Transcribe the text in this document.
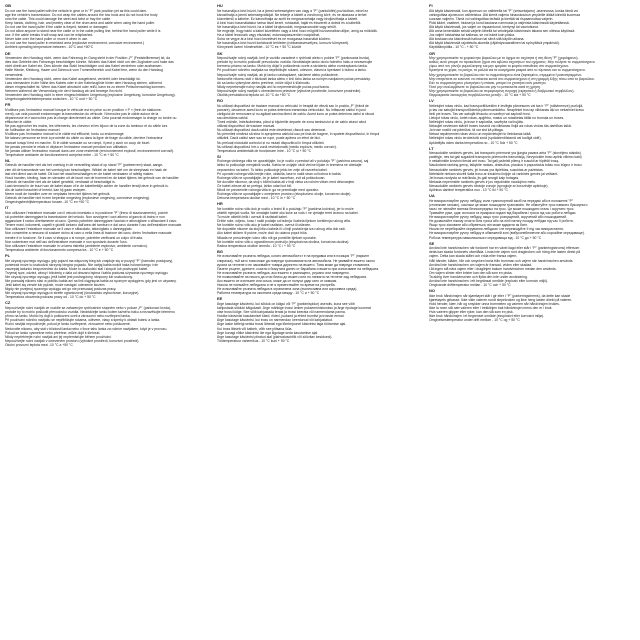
GB
Do not use the hand pallet with the vehicle in gear or in "P" park position yet as this could dam-
age the vehicle's transmission. Do not wrap the cables around the tow hook and do not hook the body
onto the cable. This could damage the steel and twist or fray the cable.
Keep hands, clothing, hair, and jewelry clear of the drum area and cable when using the hand puller.
Do not use the hand puller if the cable is frayed, twisted or damaged.
Do not allow anyone to stand near the cable or in the cable pulling line, behind the hand puller while it is
use. If the cable breaks it will snap and can be whiplashed.
Never take over the hand puller or move it when in use.
Do not use the hand puller in restricted area (explosive environment, corrosive environment.)
Ambient operating temperature between - 10°C and +50°C
DE
Verwenden den Handzug nicht, wenn das Fahrzeug im Gang steht in der Position „P" (Feststellbremse) ist, da
dies das Getriebe des Fahrzeugs beschädigen könnte. Wickeln das Kabel nicht um den Zughaken und hake das
nicht direkt am Kabel ein. Dies könnte das Stahl beschädigen und das Kabel verdrehen oder ausfransen.
Halte Hände, Kleidung, Haare und Schmuck vom Trommelbereich und Kabel fern, wenn du den Handzug
verwendest.
Verwenden den Handzug nicht, wenn das Kabel ausgefranst, verdreht oder beschädigt ist.
Lass niemanden in der Nähe des Kabels oder in der Kabelzuglinie hinter dem Handzug stehen, während
dieser eingeschaltet ist. Wenn das Kabel abrutscht oder reißt, kann es zu einem Peitschenschlag kommen.
Nehmen während der Verwendung nie den Handzug ab und bewege ihn nicht.
Verwenden den Handzug nicht in einer eingeschränkten Umgebung (explosive Umgebung, korrosive Umgebung).
Umgebungsbetriebstemperatur zwischen - 10 °C und + 50 °C
FR
N'utilisez pas l'extracteur manuel lorsque le véhicule est en prise ou en position « P » (frein de stationne-
ment), car cela pourrait endommager la transmission du véhicule. N'enroulez pas le câble autour de la
dépanneuse et n'accrochez pas la charge directement au câble. Cela pourrait endommager la charge ou tordre ou
effilocher le câble.
Ne pas approcher les mains, les vêtements, les cheveux et les bijoux de la zone du tambour et du câble lors
de l'utilisation de l'extracteur manuel.
N'utilisez pas l'extracteur manuel si le câble est effiloché, tordu ou endommagé.
Ne laissez personne se tenir à proximité du câble ou dans la ligne de tirage du câble, derrière l'extracteur
manuel lorsqu'il est en marche. Si le câble sursaute ou se rompt, il peut y avoir un coup de fouet.
Ne jamais prendre le relais ni déplacer l'extracteur manuel pendant son utilisation.
Ne jamais utiliser l'extracteur manuel dans une zone restreinte (environnement explosif, environnement corrosif).
Température ambiante de fonctionnement comprise entre - 10 °C et + 50 °C
NL
Gebruik de handlier niet als het voertuig in de versnelling staat of op stand "P" (parkeerrem) staat, aange-
zien dit de transmissie van het voertuig kan beschadigen. Wikkel de kabel niet om de sleephaak en haak de
last niet direct aan de kabel. Dit kan het staal beschadigen en de kabel verdraaien of rafelig maken.
Houd handen, kleding, haar en sieraden uit de buurt van de trommel en de kabel tijdens het gebruik van de handlier.
Gebruik de handlier niet als de kabel gerafeld, verdraaid of beschadigd is.
Laat niemand in de buurt van de kabel staan of in de kabeltreklijn achter de handlier terwijl deze in gebruik is.
Als de kabel losschiet of breekt, kan hij gaan zwiepen.
Neem nooit de handlier over en verplaats hem niet tijdens het gebruik.
Gebruik de handlier niet in een beperkte omgeving (explosieve omgeving, corrosieve omgeving).
Omgevingsbedrijfstemperatuur tussen -10 °C en +50 °C
IT
Non utilizzare l'estrattore manuale con il veicolo innestato o in posizione "P" (freno di stazionamento), poiché
ciò potrebbe danneggiare la trasmissione del veicolo. Non avvolgere i cavi attorno al gancio di traino e non
agganciare il carico direttamente al cavo. Questo potrebbe danneggiare l'acciaio e attorcigliare o sfilacciare il cavo.
Tenere mani, indumenti, capelli e gioielli lontano dall'area del tamburo e dal cavo durante l'uso dell'estrattore manuale.
Non utilizzare l'estrattore manuale se il cavo è sfilacciato, attorcigliato o danneggiato.
Non consentire a nessuno di sostare vicino al cavo o nella linea di trazione del cavo, dietro l'estrattore manuale
mentre è in funzione. Se il cavo si strappa o si rompe, potrebbe verificarsi un colpo di frusta.
Non subentrare mai nell'uso dell'estrattore manuale e non spostarlo durante l'uso.
Non utilizzare l'estrattore manuale in un'area ristretta (ambiente esplosivo, ambiente corrosivo).
Temperatura ambiente di funzionamento compresa tra - 10 °C e + 50 °C
PL
Nie używaj ręcznego wyciągu, gdy pojazd ma włączony bieg lub znajduje się w pozycji "P" (hamulec postojowy),
ponieważ może to uszkodzić skrzynię biegów pojazdu. Nie owijaj kabla wokół haka holowniczego i nie
zaczepiaj ładunku bezpośrednio do kabla. Może to uszkodzić stal i skręcić lub postrzępić kabel.
Trzymaj ręce, odzież, włosy i biżuterię z dala od obszaru bębna i kabla podczas używania ręcznego wyciągu.
Nie używaj ręcznego wyciągu, jeśli kabel jest postrzępiony, skręcony lub uszkodzony.
Nie pozwalaj nikomu stać w pobliżu kabla ani na linii ciągnięcia kabla za ręcznym wyciągiem, gdy jest on używany.
Jeśli kabel się zerwie lub pęknie, może nastąpić uderzenie biczem.
Nigdy nie przejmuj ręcznego wyciągu ani go nie przesuwaj podczas pracy.
Nie używaj ręcznego wyciągu w strefie ograniczonej (środowisko wybuchowe, korozyjne).
Temperatura otoczenia podczas pracy od - 10 °C do + 50 °C
CZ
Nepoužívejte ruční naviják ve vozidle se zařazeným rychlostním stupněm nebo v poloze „P" (parkovací brzda),
protože by to mohlo poškodit převodovku vozidla. Neobtáčejte lanko kolem tažného háku a nezavěšujte břemeno
přímo na lanko. Mohlo by dojít k poškození oceli a zkroucení nebo roztřepení lanka.
Při používání ručního navijáku se nepřibližujte rukama, oděvem, vlasy a šperky k oblasti bubnu a lanka.
Ruční naviják nepoužívejte, pokud je lanko roztřepené, zkroucené nebo poškozené.
Nedovolte nikomu, aby stál v blízkosti lanka nebo v lince tahu lanka za ručním navijákem, když je v provozu.
Pokud se lanko vysmekne nebo přetrhne, může dojít k šlehnutí.
Nikdy nepřebírejte ruční naviják ani jej nepřemisťujte během používání.
Nepoužívejte ruční naviják v omezeném prostoru (výbušné prostředí, korozivní prostředí).
Okolní provozní teplota mezi -10 °C a +50 °C
HU
Ne használja a kézi húzót, ha a jármű sebességben van vagy a "P" (parkolófék) pozícióban, mivel ez
károsíthatja a jármű sebességváltóját. Ne tekerje a kábelt a vonóhorog köré, és ne akassza a terhet
közvetlenül a kábelre. Ez károsíthatja az acélt és megcsavarhatja vagy kirojtosíthatja a kábelt.
A kézi húzó használatakor tartsa távol kezét, ruházatát, haját és ékszereit a dobtól és a kábeltől.
Ne használja a kézi húzót, ha a kábel kirojtosodott, megcsavarodott vagy sérült.
Ne engedje, hogy bárki a kábel közelében vagy a kézi húzó mögötti húzóvonalban álljon, amíg az működik.
Ha a kábel lecsúszik vagy elszakad, ostorcsapásszerűen csapódhat.
Soha ne vegye át a kézi húzó kezelését és ne mozgassa használat közben.
Ne használja a kézi húzót korlátozott területen (robbanásveszélyes, korrozív környezet).
Környezeti üzemi hőmérséklet - 10 °C és + 50 °C között
SK
Nepoužívajte ručný naviják, keď je vozidlo zaradené v rýchlosti alebo v polohe "P" (parkovacia brzda),
pretože by to mohlo poškodiť prevodovku vozidla. Neobtáčajte lanko okolo ťažného háku a nezavesujte
bremeno priamo na lanko. Mohlo by dôjsť k poškodeniu ocele a skrúteniu alebo rozstrapkaniu lanka.
Pri používaní ručného navijaka sa nepribližujte rukami, odevom, vlasmi a šperkami k bubnu a lanku.
Nepoužívajte ručný naviják, ak je lanko rozstrapkané, skrútené alebo poškodené.
Nedovoľte nikomu stáť v blízkosti lanka alebo v línii ťahu lanka za ručným navijakom počas prevádzky.
Ak sa lanko vyšmykne alebo pretrhne, môže dôjsť k šľahnutiu.
Nikdy nepreberajte ručný naviják ani ho nepremiestňujte počas používania.
Nepoužívajte ručný naviják v obmedzenom priestore (výbušné prostredie, korozívne prostredie).
Okolitá prevádzková teplota od -10 °C do +50 °C
RO
Nu utilizați dispozitivul de tractare manual cu vehiculul în treaptă de viteză sau în poziția „P" (frână de
parcare), deoarece acest lucru ar putea deteriora transmisia vehiculului. Nu înfășurați cablul în jurul
cârligului de remorcare și nu agățați sarcina direct de cablu. Acest lucru ar putea deteriora oțelul și răsuci
sau destrăma cablul.
Țineți mâinile, îmbrăcămintea, părul și bijuteriile departe de zona tamburului și de cablu atunci când
utilizați dispozitivul de tractare manual.
Nu utilizați dispozitivul dacă cablul este destrămat, răsucit sau deteriorat.
Nu permiteți nimănui să stea în apropierea cablului sau pe linia de tragere, în spatele dispozitivului, în timpul
utilizării. Dacă cablul sare sau se rupe, poate apărea un efect de bici.
Nu preluați niciodată controlul și nu mutați dispozitivul în timpul utilizării.
Nu utilizați dispozitivul într-o zonă restricționată (mediu exploziv, mediu coroziv).
Temperatura ambientală de funcționare între - 10 °C și + 50 °C
SI
Ročnega vlečnega vitla ne uporabljajte, ko je vozilo v prestavi ali v položaju "P" (parkirna zavora), saj
lahko to poškoduje menjalnik vozila. Kabla ne ovijajte okoli vlečne kljuke in bremena ne obešajte
neposredno na kabel. To lahko poškoduje jeklo ter zvije ali razcefra kabel.
Pri uporabi ročnega vitla imejte roke, oblačila, lase in nakit stran od bobna in kabla.
Ročnega vitla ne uporabljajte, če je kabel razcefran, zvit ali poškodovan.
Ne dovolite nikomur, da stoji v bližini kabla ali v liniji vleka za ročnim vitlom med delovanjem.
Če kabel zdrsne ali se pretrga, lahko udari kot bič.
Nikoli ne prevzemite ročnega vitla in ga ne premikajte med uporabo.
Ročnega vitla ne uporabljajte v omejenem prostoru (eksplozivno okolje, korozivno okolje).
Delovna temperatura okolice med - 10 °C in + 50 °C
HR
Ne koristite ručno vitlo dok je vozilo u brzini ili u položaju "P" (parkirna kočnica), jer to može
oštetiti mjenjač vozila. Ne omatajte kabel oko kuke za vuču i ne vješajte teret izravno na kabel.
To može oštetiti čelik i uvrnuti ili razlistati kabel.
Držite ruke, odjeću, kosu i nakit podalje od bubnja i kabela tijekom korištenja ručnog vitla.
Ne koristite ručno vitlo ako je kabel razlistan, uvrnut ili oštećen.
Ne dopustite nikome da stoji blizu kabela ili u liniji povlačenja iza ručnog vitla dok radi.
Ako kabel sklizne ili pukne, može doći do udarca poput biča.
Nikada ne preuzimajte ručno vitlo niti ga pomičite tijekom uporabe.
Ne koristite ručno vitlo u ograničenom području (eksplozivna okolina, korozivna okolina).
Radna temperatura okoline između - 10 °C i + 50 °C
BG
Не използвайте ръчната лебедка, когато автомобилът е на предавка или в позиция "P" (паркинг
спирачка), тъй като това може да повреди трансмисията на автомобила. Не увивайте въжето около
куката за теглене и не закачвайте товара директно на въжето. Това може да повреди стоманата.
Пазете ръцете, дрехите, косата и бижутата далеч от барабана и въжето при използване на лебедката.
Не използвайте ръчната лебедка, ако въжето е разнищено, усукано или повредено.
Не позволявайте на никого да стои близо до въжето или по линията на теглене зад лебедката.
Ако въжето се изплъзне или скъса, може да се получи удар като от камшик.
Никога не поемайте лебедката и не я премествайте по време на употреба.
Не използвайте ръчната лебедка в ограничена зона (експлозивна или корозивна среда).
Работна температура на околната среда между - 10 °C и + 50 °C
EE
Ärge kasutage käsivintsi, kui sõiduk on käigul või "P" (parkimispidur) asendis, kuna see võib
kahjustada sõiduki käigukasti. Ärge mähkige trossi ümber pukseerimiskonksu ja ärge riputage koormat
otse trossi külge. See võib kahjustada terast ja trossi keerata või narmendama panna.
Hoidke käsivintsi kasutamisel käed, riided, juuksed ja ehted trumlist ja trossist eemal.
Ärge kasutage käsivintsi, kui tross on narmendav, keerdunud või kahjustatud.
Ärge laske kellelgi seista trossi lähedal ega tõmbejoonel käsivintsi taga töötamise ajal.
Kui tross libiseb või katkeb, võib see piitsana lüüa.
Ärge kunagi võtke käsivintsi üle ega liigutage seda kasutamise ajal.
Ärge kasutage käsivintsi piiratud alal (plahvatusohtlik või söövitav keskkond).
Töötemperatuur vahemikus - 10 °C kuni + 50 °C
FI
Älä käytä käsivinssiä, kun ajoneuvo on vaihteella tai "P" (seisontajarru) -asennossa, koska tämä voi
vahingoittaa ajoneuvon vaihteistoa. Älä kierrä vaijeria hinauskoukun ympärille äläkä kiinnitä kuormaa
suoraan vaijeriin. Tämä voi vahingoittaa terästä ja kiertää tai rispaannuttaa vaijerin.
Pidä kädet, vaatteet, hiukset ja korut kaukana rummusta ja vaijerista käsivinssiä käytettäessä.
Älä käytä käsivinssiä, jos vaijeri on rispaantunut, kiertynyt tai vaurioitunut.
Älä anna kenenkään seistä vaijerin lähellä tai vetolinjalla käsivinssin takana sen ollessa käytössä.
Jos vaijeri luiskahtaa tai katkeaa, se voi iskeä kuin piiska.
Älä koskaan ota käsivinssiä haltuun tai siirrä sitä käytön aikana.
Älä käytä käsivinssiä rajoitetulla alueella (räjähdysvaarallinen tai syövyttävä ympäristö).
Käyttölämpötila - 10 °C - + 50 °C
GR
Μην χρησιμοποιείτε το χειροκίνητο βαρούλκο με το όχημα σε ταχύτητα ή στη θέση "P" (χειρόφρενο),
καθώς αυτό μπορεί να προκαλέσει ζημιά στο κιβώτιο ταχυτήτων του οχήματος. Μην τυλίγετε το συρματόσχοινο
γύρω από τον γάντζο ρυμούλκησης και μην κρεμάτε το φορτίο απευθείας στο συρματόσχοινο.
Κρατήστε τα χέρια, τα ρούχα, τα μαλλιά και τα κοσμήματα μακριά από το τύμπανο και το συρματόσχοινο.
Μην χρησιμοποιείτε το βαρούλκο εάν το συρματόσχοινο είναι ξεφτισμένο, στριμμένο ή κατεστραμμένο.
Μην επιτρέπετε σε κανέναν να στέκεται κοντά στο συρματόσχοινο ή στη γραμμή έλξης πίσω από το βαρούλκο.
Εάν το συρματόσχοινο γλιστρήσει ή σπάσει, μπορεί να χτυπήσει σαν μαστίγιο.
Ποτέ μην αναλαμβάνετε το βαρούλκο και μην το μετακινείτε κατά τη χρήση.
Μην χρησιμοποιείτε το βαρούλκο σε περιορισμένη περιοχή (εκρηκτικό ή διαβρωτικό περιβάλλον).
Θερμοκρασία λειτουργίας περιβάλλοντος μεταξύ - 10 °C και + 50 °C
LV
Nelietojiet rokas vinču, kad transportlīdzeklim ir ieslēgts pārnesums vai tas ir "P" (stāvbremze) pozīcijā,
jo tas var sabojāt transportlīdzekļa pārnesumkārbu. Neaptiniet trosi ap vilkšanas āķi un nekariniet kravu
tieši pie troses. Tas var sabojāt tēraudu un savērpt vai saplosīt trosi.
Lietojot rokas vinču, turiet rokas, apģērbu, matus un rotaslietas tālāk no trumuļa un troses.
Nelietojiet rokas vinču, ja trose ir saplosīta, savērpta vai bojāta.
Neļaujiet nevienam stāvēt troses tuvumā vai vilkšanas līnijā aiz rokas vinčas tās darbības laikā.
Ja trose noslīd vai pārtrūkst, tā var sist kā pātaga.
Nekad nepārņemiet rokas vinču un nepārvietojiet to lietošanas laikā.
Nelietojiet rokas vinču ierobežotā zonā (sprādzienbīstamā vai kodīgā vidē).
Apkārtējās vides darba temperatūra no - 10 °C līdz + 50 °C
LT
Nenaudokite rankinės gervės, kai transporto priemonė yra įjungta pavara arba "P" (stovėjimo stabdis)
padėtyje, nes tai gali sugadinti transporto priemonės transmisiją. Nevyniokite troso aplink vilkimo kablį
ir nekabinkite krovinio tiesiai ant troso. Tai gali pažeisti plieną ir susukti ar išplėšti trosą.
Naudodami rankinę gervę, laikykite rankas, drabužius, plaukus ir papuošalus toliau nuo būgno ir troso.
Nenaudokite rankinės gervės, jei trosas yra išplėštas, susuktas ar pažeistas.
Neleiskite niekam stovėti šalia troso ar traukimo linijoje už rankinės gervės jai veikiant.
Jei trosas nuslysta ar nutrūksta, jis gali smogti kaip botagas.
Niekada neperimkite rankinės gervės ir jos nejudinkite naudojimo metu.
Nenaudokite rankinės gervės ribotoje zonoje (sprogioje ar korozinėje aplinkoje).
Aplinkos darbinė temperatūra nuo - 10 °C iki + 50 °C
UA
Не використовуйте ручну лебідку, коли транспортний засіб на передачі або в положенні "P"
(стоянкове гальмо), оскільки це може пошкодити трансмісію. Не обмотуйте трос навколо буксирного
гака і не чіпляйте вантаж безпосередньо на трос. Це може пошкодити сталь і скрутити трос.
Тримайте руки, одяг, волосся та прикраси подалі від барабана і троса під час роботи лебідки.
Не використовуйте ручну лебідку, якщо трос розпущений, скручений або пошкоджений.
Не дозволяйте нікому стояти біля троса або на лінії натягу позаду лебідки під час її роботи.
Якщо трос зісковзне або обірветься, він може вдарити як батіг.
Ніколи не перебирайте керування лебідкою і не переміщуйте її під час використання.
Не використовуйте ручну лебідку в обмеженій зоні (вибухонебезпечне або корозійне середовище).
Робоча температура навколишнього середовища від - 10 °C до + 50 °C
SE
Använd inte handvinschen när fordonet har en växel ilagd eller står i "P" (parkeringsbroms) eftersom
detta kan skada fordonets växellåda. Linda inte vajern runt dragkroken och häng inte lasten direkt på
vajern. Detta kan skada stålet och vrida eller fransa vajern.
Håll händer, kläder, hår och smycken borta från trumman och vajern när handvinschen används.
Använd inte handvinschen om vajern är fransad, vriden eller skadad.
Låt ingen stå nära vajern eller i draglinjen bakom handvinschen medan den används.
Om vajern slinter eller brister kan den slå som en piska.
Ta aldrig över handvinschen och flytta den inte under användning.
Använd inte handvinschen i ett begränsat område (explosiv eller korrosiv miljö).
Omgivande drifttemperatur mellan - 10 °C och + 50 °C
NO
Ikke bruk håndvinsjen når kjøretøyet står i gir eller i "P" (parkeringsbrems), da dette kan skade
kjøretøyets girkasse. Ikke vikle vaieren rundt slepekroken og ikke heng lasten direkt på vaieren.
Hold hender, klær, hår og smykker unna trommelen og vaieren når håndvinsjen brukes.
Ikke la noen stå nær vaieren eller i trekklinjen bak håndvinsjen mens den er i bruk.
Hvis vaieren glipper eller ryker, kan den slå som en pisk.
Ikke bruk håndvinsjen i et begrenset område (eksplosivt eller korrosivt miljø).
Omgivelsestemperatur under drift mellom - 10 °C og + 50 °C
